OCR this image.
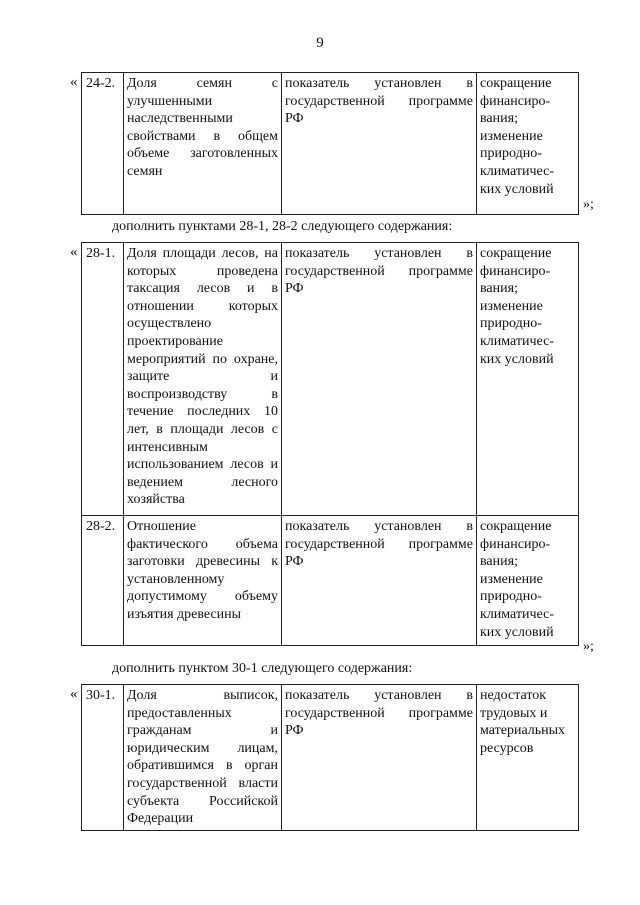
9
« 24-2.	Доля семян с улучшенными наследственными свойствами в общем объеме заготовленных семян	показатель установлен в государственной программе РФ	сокращение финансиро-вания; изменение природно-климатичес-ких условий
»;
дополнить пунктами 28-1, 28-2 следующего содержания:
« 28-1.	Доля площади лесов, на которых проведена таксация лесов и в отношении которых осуществлено проектирование мероприятий по охране, защите и воспроизводству в течение последних 10 лет, в площади лесов с интенсивным использованием лесов и ведением лесного хозяйства	показатель установлен в государственной программе РФ	сокращение финансиро-вания; изменение природно-климатичес-ких условий
28-2.	Отношение фактического объема заготовки древесины к установленному допустимому объему изъятия древесины	показатель установлен в государственной программе РФ	сокращение финансиро-вания; изменение природно-климатичес-ких условий
»;
дополнить пунктом 30-1 следующего содержания:
« 30-1.	Доля выписок, предоставленных гражданам и юридическим лицам, обратившимся в орган государственной власти субъекта Российской Федерации	показатель установлен в государственной программе РФ	недостаток трудовых и материальных ресурсов
